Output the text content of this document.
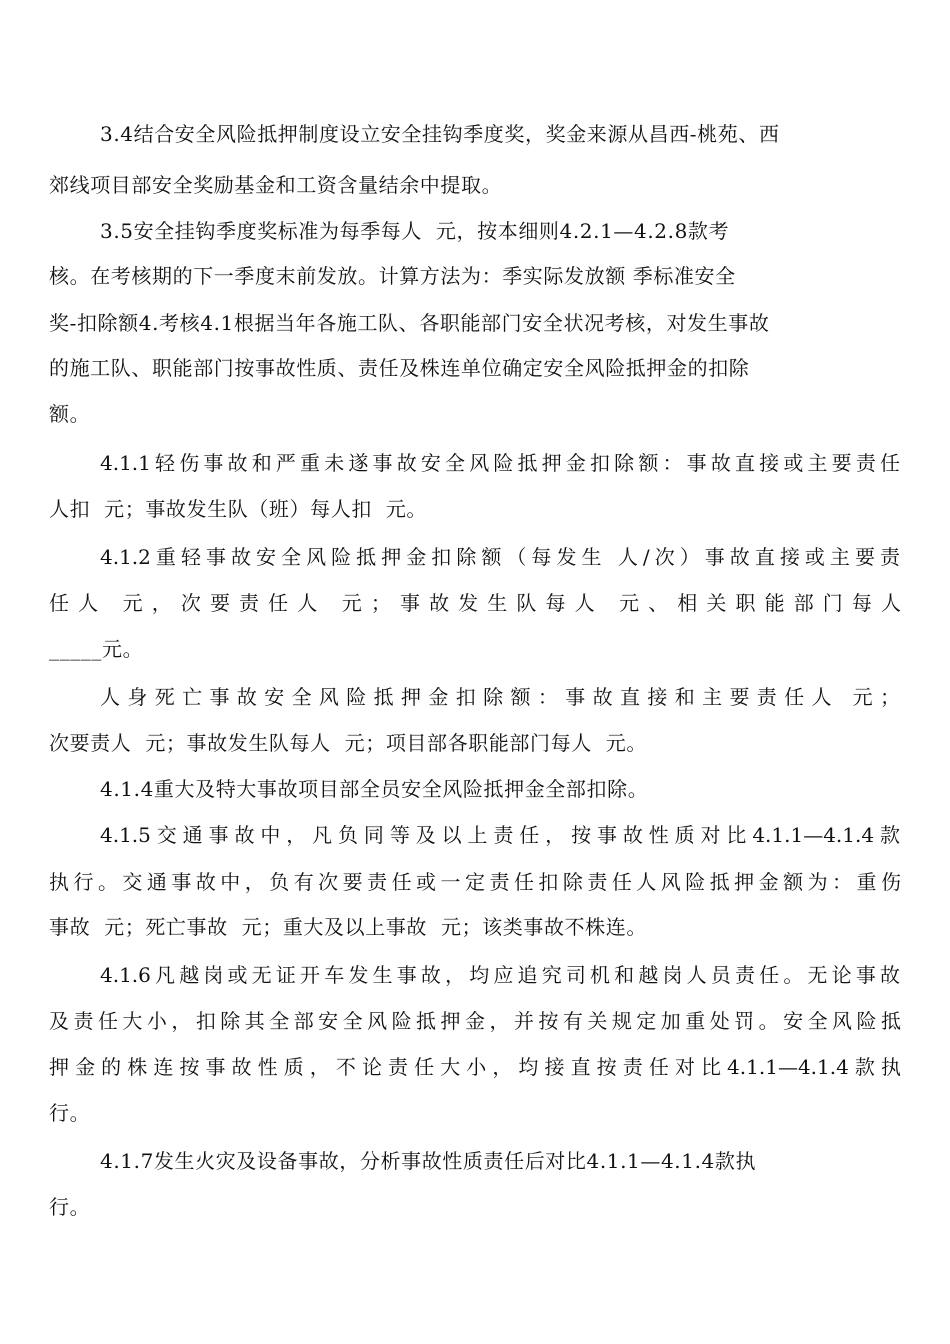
3.4结合安全风险抵押制度设立安全挂钩季度奖，奖金来源从昌西-桃苑、西
郊线项目部安全奖励基金和工资含量结余中提取。
3.5安全挂钩季度奖标准为每季每人  元，按本细则4.2.1—4.2.8款考
核。在考核期的下一季度末前发放。计算方法为：季实际发放额 季标准安全
奖-扣除额4.考核4.1根据当年各施工队、各职能部门安全状况考核，对发生事故
的施工队、职能部门按事故性质、责任及株连单位确定安全风险抵押金的扣除
额。
4.1.1轻伤事故和严重未遂事故安全风险抵押金扣除额：事故直接或主要责任
人扣  元；事故发生队（班）每人扣  元。
4.1.2重轻事故安全风险抵押金扣除额（每发生 人/次）事故直接或主要责
任人 元，次要责任人 元；事故发生队每人 元、相关职能部门每人
_____元。
人身死亡事故安全风险抵押金扣除额：事故直接和主要责任人 元；
次要责人  元；事故发生队每人  元；项目部各职能部门每人  元。
4.1.4重大及特大事故项目部全员安全风险抵押金全部扣除。
4.1.5交通事故中，凡负同等及以上责任，按事故性质对比4.1.1—4.1.4款
执行。交通事故中，负有次要责任或一定责任扣除责任人风险抵押金额为：重伤
事故  元；死亡事故  元；重大及以上事故  元；该类事故不株连。
4.1.6凡越岗或无证开车发生事故，均应追究司机和越岗人员责任。无论事故
及责任大小，扣除其全部安全风险抵押金，并按有关规定加重处罚。安全风险抵
押金的株连按事故性质，不论责任大小，均接直按责任对比4.1.1—4.1.4款执
行。
4.1.7发生火灾及设备事故，分析事故性质责任后对比4.1.1—4.1.4款执
行。
